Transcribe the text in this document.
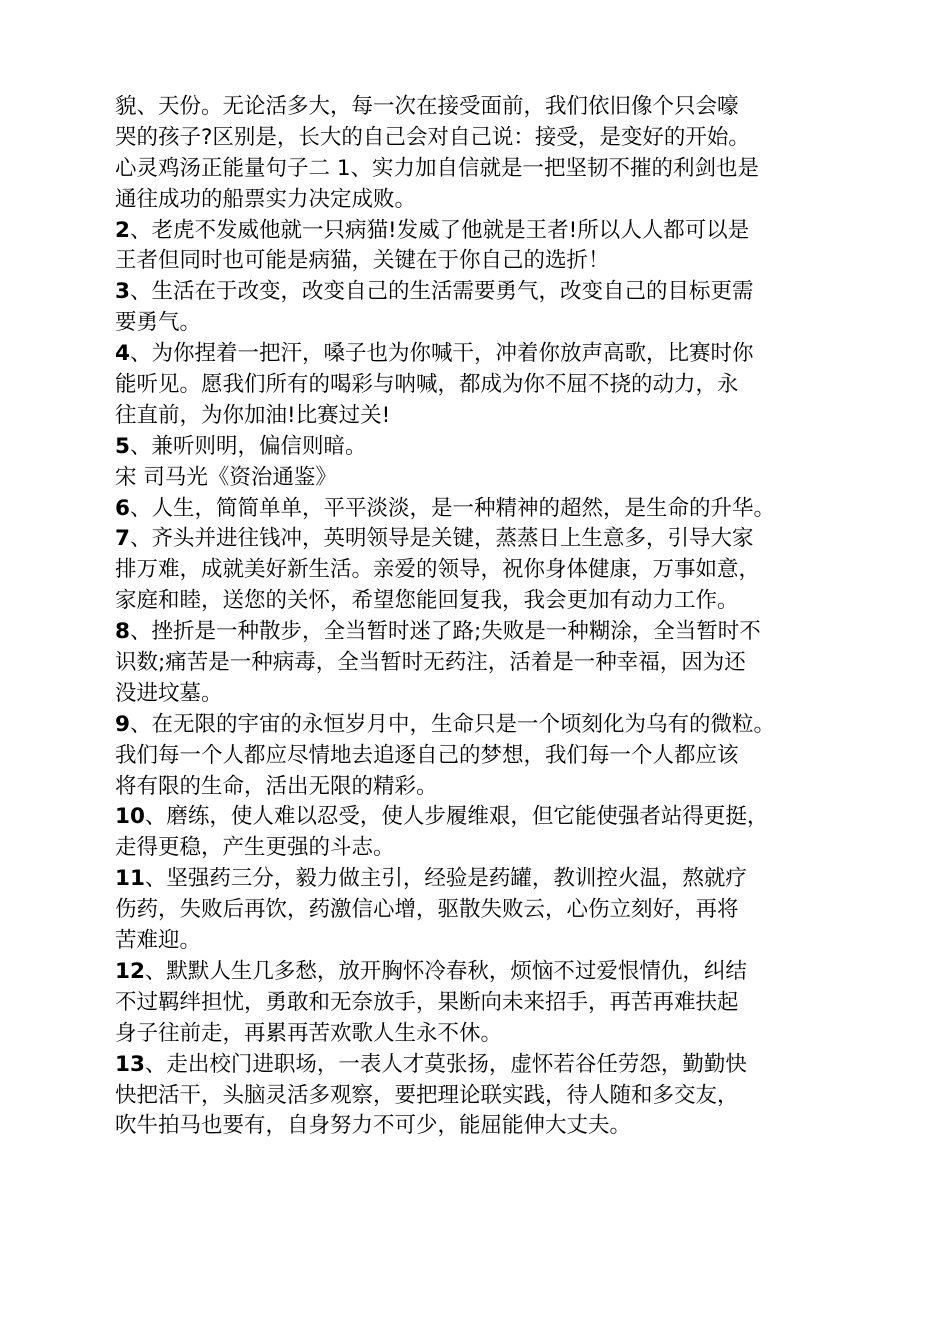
貌、天份。无论活多大，每一次在接受面前，我们依旧像个只会嚎
哭的孩子?区别是，长大的自己会对自己说：接受，是变好的开始。
心灵鸡汤正能量句子二 1、实力加自信就是一把坚韧不摧的利剑也是
通往成功的船票实力决定成败。
2、老虎不发威他就一只病猫!发威了他就是王者!所以人人都可以是
王者但同时也可能是病猫，关键在于你自己的选折！
3、生活在于改变，改变自己的生活需要勇气，改变自己的目标更需
要勇气。
4、为你捏着一把汗，嗓子也为你喊干，冲着你放声高歌，比赛时你
能听见。愿我们所有的喝彩与呐喊，都成为你不屈不挠的动力，永
往直前，为你加油!比赛过关!
5、兼听则明，偏信则暗。
宋 司马光《资治通鉴》
6、人生，简简单单，平平淡淡，是一种精神的超然，是生命的升华。
7、齐头并进往钱冲，英明领导是关键，蒸蒸日上生意多，引导大家
排万难，成就美好新生活。亲爱的领导，祝你身体健康，万事如意，
家庭和睦，送您的关怀，希望您能回复我，我会更加有动力工作。
8、挫折是一种散步，全当暂时迷了路;失败是一种糊涂，全当暂时不
识数;痛苦是一种病毒，全当暂时无药注，活着是一种幸福，因为还
没进坟墓。
9、在无限的宇宙的永恒岁月中，生命只是一个顷刻化为乌有的微粒。
我们每一个人都应尽情地去追逐自己的梦想，我们每一个人都应该
将有限的生命，活出无限的精彩。
10、磨练，使人难以忍受，使人步履维艰，但它能使强者站得更挺，
走得更稳，产生更强的斗志。
11、坚强药三分，毅力做主引，经验是药罐，教训控火温，熬就疗
伤药，失败后再饮，药激信心增，驱散失败云，心伤立刻好，再将
苦难迎。
12、默默人生几多愁，放开胸怀冷春秋，烦恼不过爱恨情仇，纠结
不过羁绊担忧，勇敢和无奈放手，果断向未来招手，再苦再难扶起
身子往前走，再累再苦欢歌人生永不休。
13、走出校门进职场，一表人才莫张扬，虚怀若谷任劳怨，勤勤快
快把活干，头脑灵活多观察，要把理论联实践，待人随和多交友，
吹牛拍马也要有，自身努力不可少，能屈能伸大丈夫。
